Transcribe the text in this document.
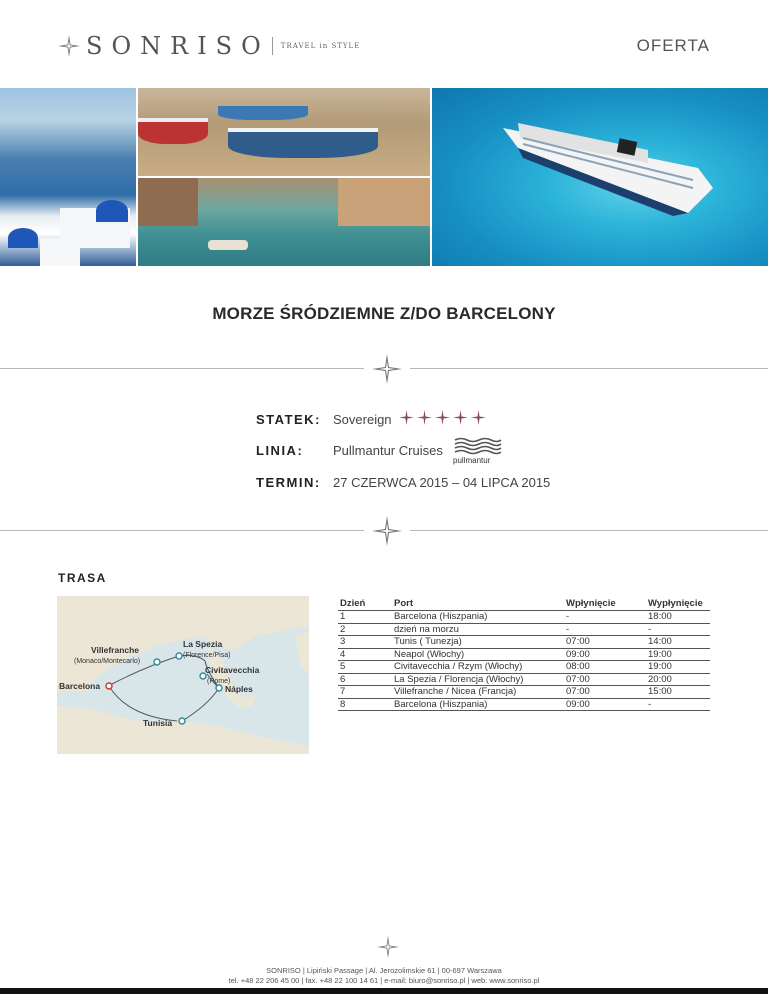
SONRISO TRAVEL in STYLE	OFERTA
MORZE ŚRÓDZIEMNE Z/DO BARCELONY
STATEK: Sovereign
LINIA: Pullmantur Cruises
pullmantur
TERMIN: 27 CZERWCA 2015 – 04 LIPCA 2015
TRASA
Villefranche
(Monaco/Montecarlo)
La Spezia
(Florence/Pisa)
Civitavecchia
(Rome)
Barcelona	Náples
Tunisia
Dzień	Port	Wpłynięcie	Wypłynięcie
1	Barcelona (Hiszpania)	-	18:00
2	dzień na morzu	-	-
3	Tunis ( Tunezja)	07:00	14:00
4	Neapol (Włochy)	09:00	19:00
5	Civitavecchia / Rzym (Włochy)	08:00	19:00
6	La Spezia / Florencja (Włochy)	07:00	20:00
7	Villefranche / Nicea (Francja)	07:00	15:00
8	Barcelona (Hiszpania)	09:00	-
SONRISO | Lipiński Passage | Al. Jerozolimskie 61 | 00-697 Warszawa
tel. +48 22 206 45 00 | fax. +48 22 100 14 61 | e-mail: biuro@sonriso.pl | web: www.sonriso.pl
